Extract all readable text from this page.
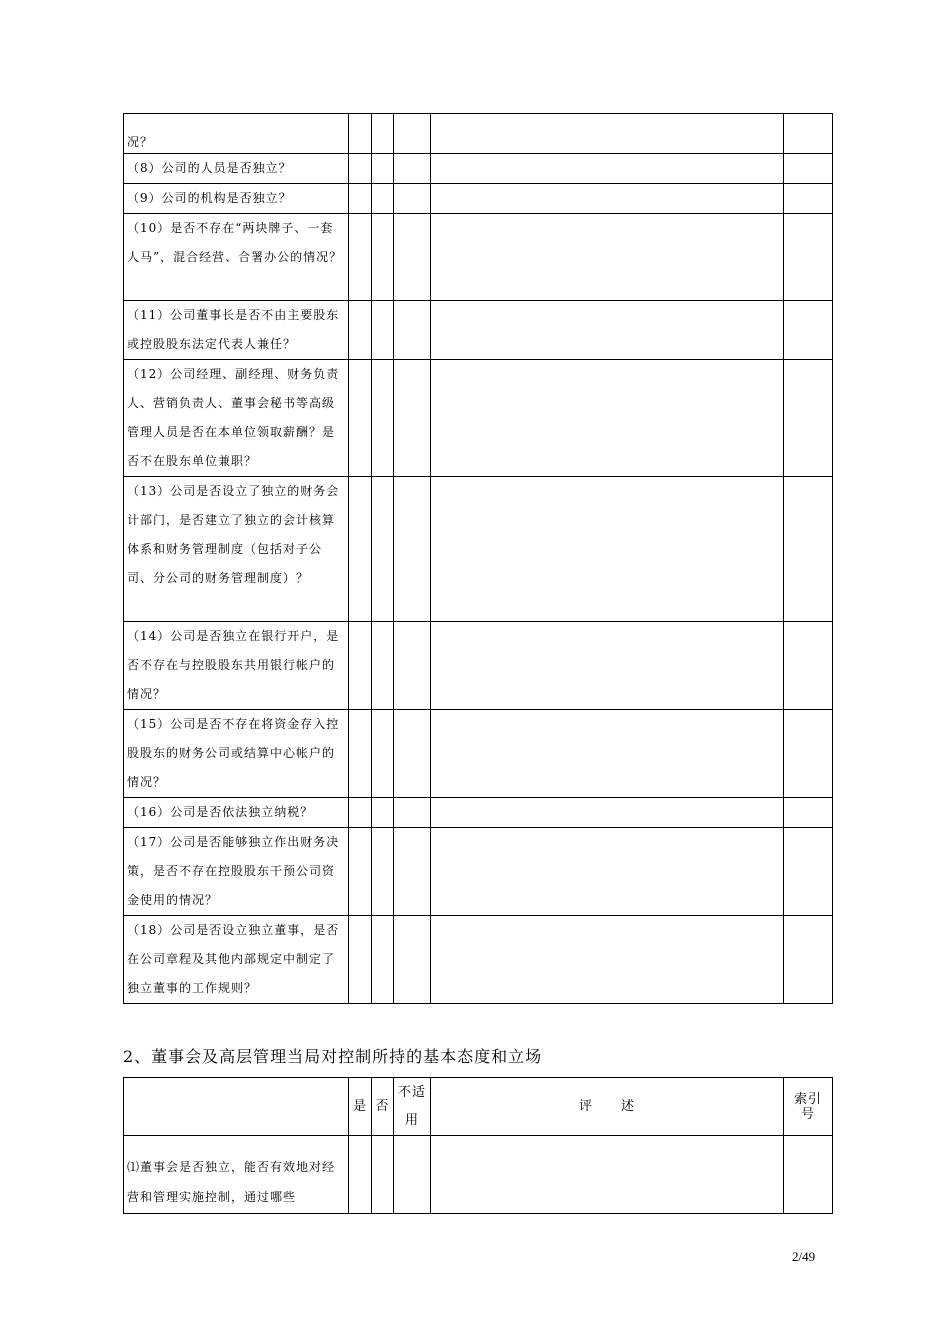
况？					
（8）公司的人员是否独立？					
（9）公司的机构是否独立？					
（10）是否不存在“两块牌子、一套人马”，混合经营、合署办公的情况？					
（11）公司董事长是否不由主要股东或控股股东法定代表人兼任？					
（12）公司经理、副经理、财务负责人、营销负责人、董事会秘书等高级管理人员是否在本单位领取薪酬？是否不在股东单位兼职？					
（13）公司是否设立了独立的财务会计部门，是否建立了独立的会计核算体系和财务管理制度（包括对子公司、分公司的财务管理制度）？					
（14）公司是否独立在银行开户，是否不存在与控股股东共用银行帐户的情况？					
（15）公司是否不存在将资金存入控股股东的财务公司或结算中心帐户的情况？					
（16）公司是否依法独立纳税？					
（17）公司是否能够独立作出财务决策，是否不存在控股股东干预公司资金使用的情况？					
（18）公司是否设立独立董事，是否在公司章程及其他内部规定中制定了独立董事的工作规则？					
2、董事会及高层管理当局对控制所持的基本态度和立场
	是	否	不适用	评　　述	索引号
⑴董事会是否独立，能否有效地对经营和管理实施控制，通过哪些					
2/49
